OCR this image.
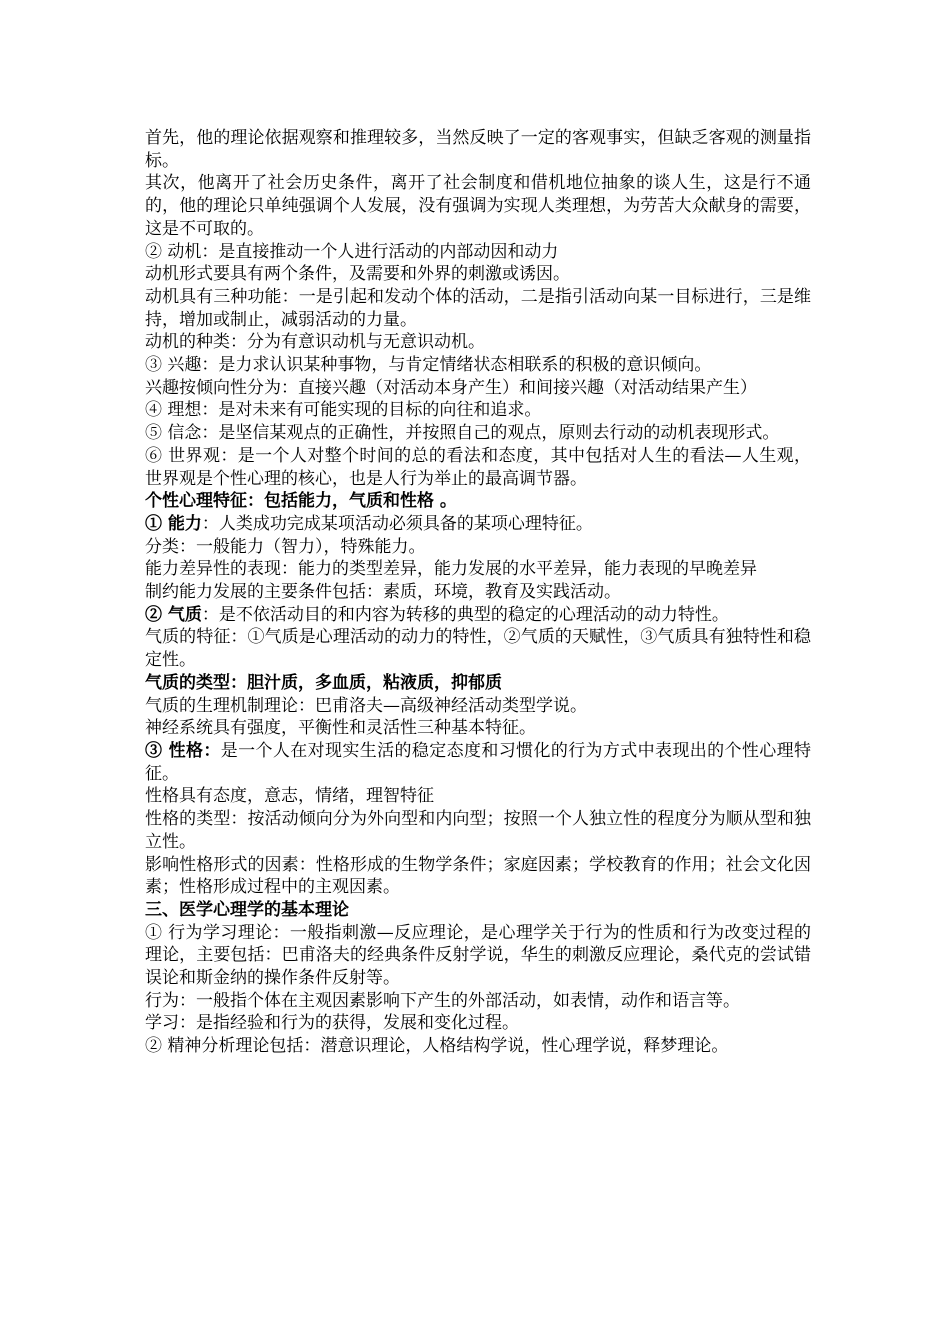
首先，他的理论依据观察和推理较多，当然反映了一定的客观事实，但缺乏客观的测量指标。

其次，他离开了社会历史条件，离开了社会制度和借机地位抽象的谈人生，这是行不通的，他的理论只单纯强调个人发展，没有强调为实现人类理想，为劳苦大众献身的需要，这是不可取的。

② 动机：是直接推动一个人进行活动的内部动因和动力

动机形式要具有两个条件，及需要和外界的刺激或诱因。

动机具有三种功能：一是引起和发动个体的活动，二是指引活动向某一目标进行，三是维持，增加或制止，减弱活动的力量。

动机的种类：分为有意识动机与无意识动机。

③ 兴趣：是力求认识某种事物，与肯定情绪状态相联系的积极的意识倾向。

兴趣按倾向性分为：直接兴趣（对活动本身产生）和间接兴趣（对活动结果产生）

④ 理想：是对未来有可能实现的目标的向往和追求。

⑤ 信念：是坚信某观点的正确性，并按照自己的观点，原则去行动的动机表现形式。

⑥ 世界观：是一个人对整个时间的总的看法和态度，其中包括对人生的看法—人生观，世界观是个性心理的核心，也是人行为举止的最高调节器。

个性心理特征：包括能力，气质和性格 。

① 能力：人类成功完成某项活动必须具备的某项心理特征。

分类：一般能力（智力），特殊能力。

能力差异性的表现：能力的类型差异，能力发展的水平差异，能力表现的早晚差异

制约能力发展的主要条件包括：素质，环境，教育及实践活动。

② 气质：是不依活动目的和内容为转移的典型的稳定的心理活动的动力特性。

气质的特征：①气质是心理活动的动力的特性，②气质的天赋性，③气质具有独特性和稳定性。

气质的类型：胆汁质，多血质，粘液质，抑郁质

气质的生理机制理论：巴甫洛夫—高级神经活动类型学说。

神经系统具有强度，平衡性和灵活性三种基本特征。

③ 性格：是一个人在对现实生活的稳定态度和习惯化的行为方式中表现出的个性心理特征。

性格具有态度，意志，情绪，理智特征

性格的类型：按活动倾向分为外向型和内向型；按照一个人独立性的程度分为顺从型和独立性。

影响性格形式的因素：性格形成的生物学条件；家庭因素；学校教育的作用；社会文化因素；性格形成过程中的主观因素。

三、医学心理学的基本理论

① 行为学习理论：一般指刺激—反应理论，是心理学关于行为的性质和行为改变过程的理论，主要包括：巴甫洛夫的经典条件反射学说，华生的刺激反应理论，桑代克的尝试错误论和斯金纳的操作条件反射等。

行为：一般指个体在主观因素影响下产生的外部活动，如表情，动作和语言等。

学习：是指经验和行为的获得，发展和变化过程。

② 精神分析理论包括：潜意识理论，人格结构学说，性心理学说，释梦理论。
